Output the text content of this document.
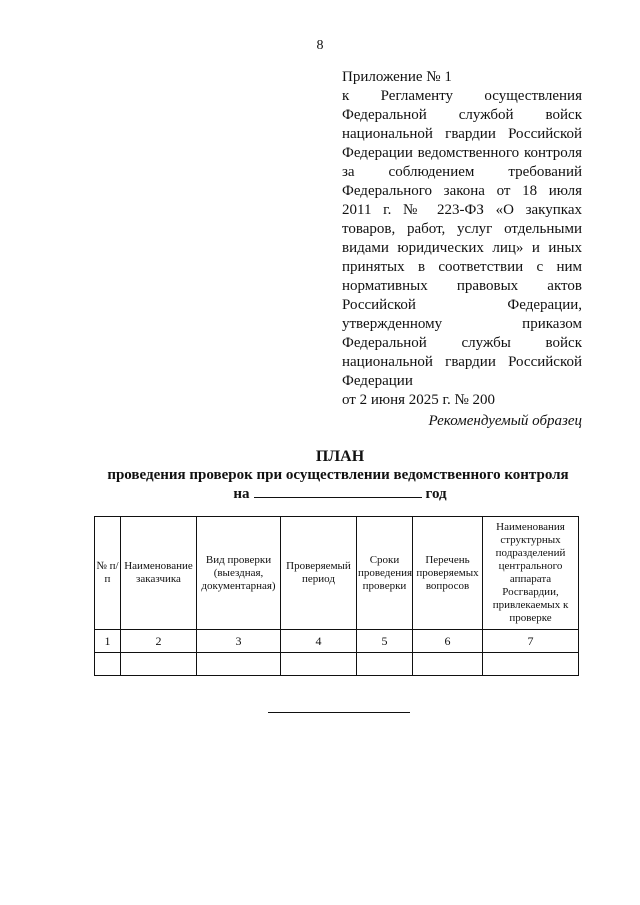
8
Приложение № 1
к Регламенту осуществления
Федеральной службой войск
национальной гвардии Российской
Федерации ведомственного контроля
за соблюдением требований
Федерального закона от 18 июля
2011 г. № 223-ФЗ «О закупках
товаров, работ, услуг отдельными
видами юридических лиц» и иных
принятых в соответствии с ним
нормативных правовых актов
Российской Федерации,
утвержденному приказом
Федеральной службы войск
национальной гвардии Российской
Федерации
от 2 июня 2025 г. № 200
Рекомендуемый образец
ПЛАН
проведения проверок при осуществлении ведомственного контроля
на	год
№ п/п	Наименование заказчика	Вид проверки (выездная, документарная)	Проверяемый период	Сроки проведения проверки	Перечень проверяемых вопросов	Наименования структурных подразделений центрального аппарата Росгвардии, привлекаемых к проверке
1	2	3	4	5	6	7
